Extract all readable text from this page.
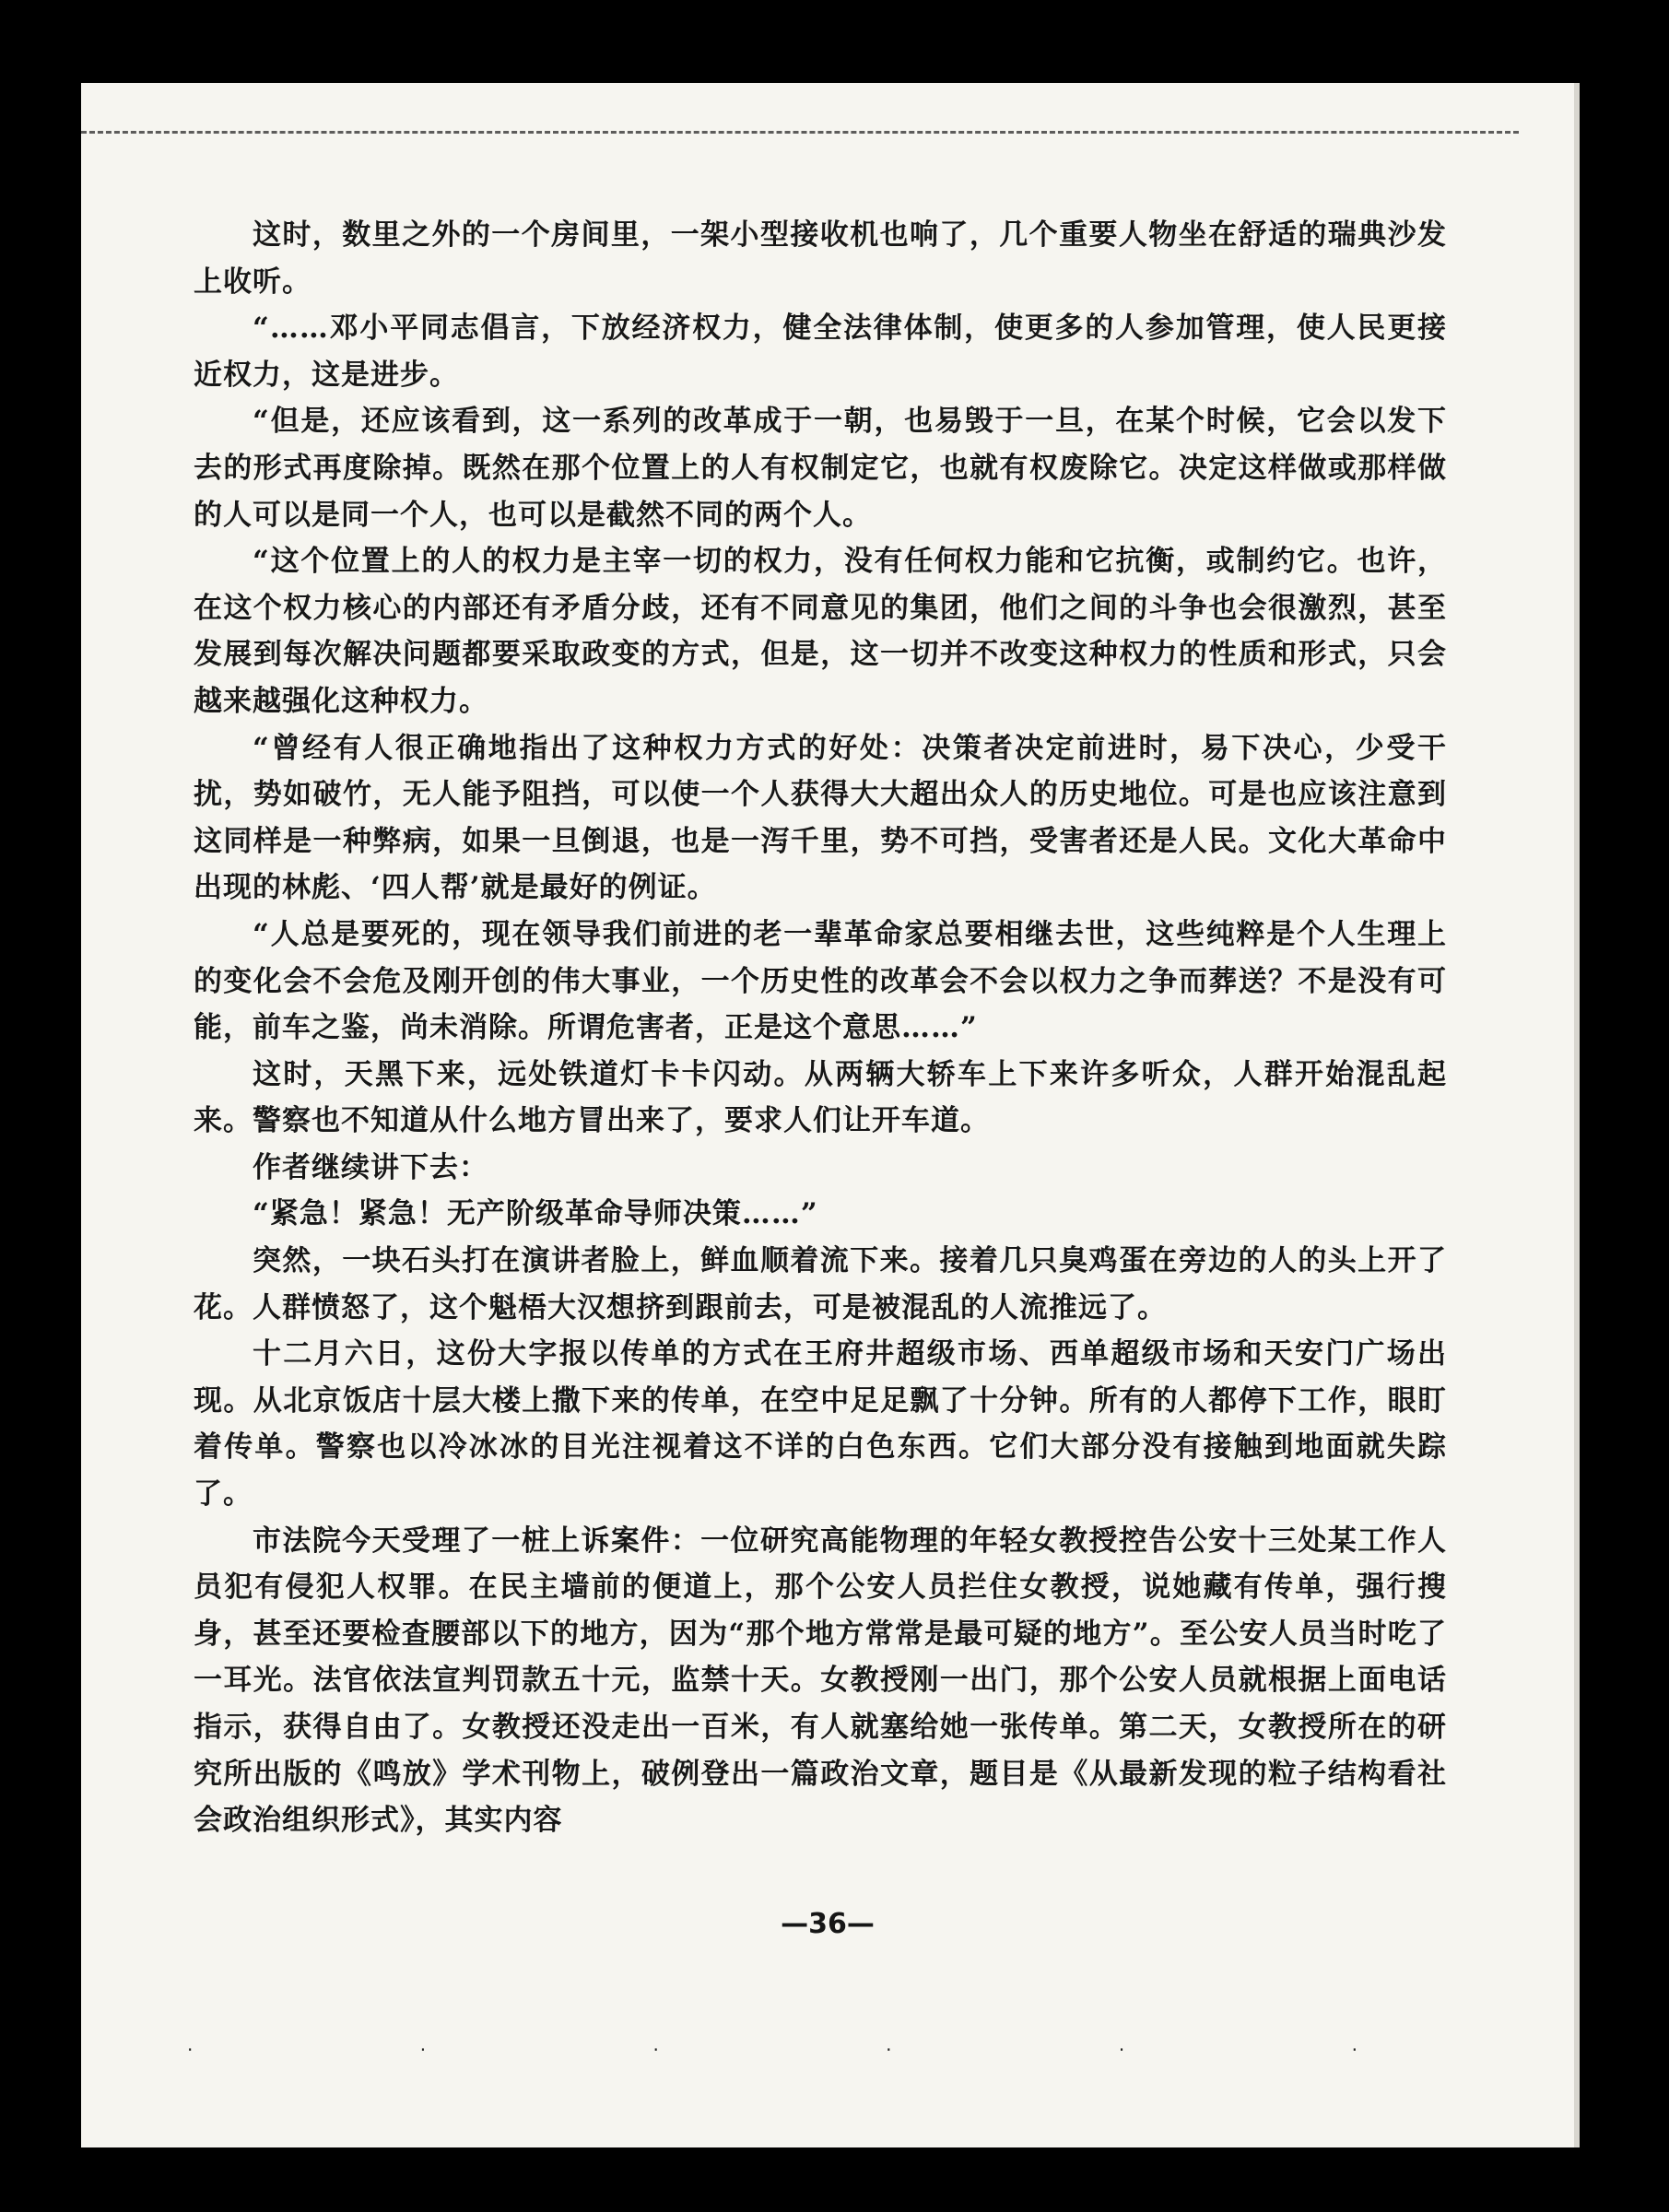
这时，数里之外的一个房间里，一架小型接收机也响了，几个重要人物坐在舒适的瑞典沙发上收听。

“……邓小平同志倡言，下放经济权力，健全法律体制，使更多的人参加管理，使人民更接近权力，这是进步。

“但是，还应该看到，这一系列的改革成于一朝，也易毁于一旦，在某个时候，它会以发下去的形式再度除掉。既然在那个位置上的人有权制定它，也就有权废除它。决定这样做或那样做的人可以是同一个人，也可以是截然不同的两个人。

“这个位置上的人的权力是主宰一切的权力，没有任何权力能和它抗衡，或制约它。也许，在这个权力核心的内部还有矛盾分歧，还有不同意见的集团，他们之间的斗争也会很激烈，甚至发展到每次解决问题都要采取政变的方式，但是，这一切并不改变这种权力的性质和形式，只会越来越强化这种权力。

“曾经有人很正确地指出了这种权力方式的好处：决策者决定前进时，易下决心，少受干扰，势如破竹，无人能予阻挡，可以使一个人获得大大超出众人的历史地位。可是也应该注意到这同样是一种弊病，如果一旦倒退，也是一泻千里，势不可挡，受害者还是人民。文化大革命中出现的林彪、‘四人帮’就是最好的例证。

“人总是要死的，现在领导我们前进的老一辈革命家总要相继去世，这些纯粹是个人生理上的变化会不会危及刚开创的伟大事业，一个历史性的改革会不会以权力之争而葬送？不是没有可能，前车之鉴，尚未消除。所谓危害者，正是这个意思……”

这时，天黑下来，远处铁道灯卡卡闪动。从两辆大轿车上下来许多听众，人群开始混乱起来。警察也不知道从什么地方冒出来了，要求人们让开车道。

作者继续讲下去：

“紧急！紧急！无产阶级革命导师决策……”

突然，一块石头打在演讲者脸上，鲜血顺着流下来。接着几只臭鸡蛋在旁边的人的头上开了花。人群愤怒了，这个魁梧大汉想挤到跟前去，可是被混乱的人流推远了。

十二月六日，这份大字报以传单的方式在王府井超级市场、西单超级市场和天安门广场出现。从北京饭店十层大楼上撒下来的传单，在空中足足飘了十分钟。所有的人都停下工作，眼盯着传单。警察也以冷冰冰的目光注视着这不详的白色东西。它们大部分没有接触到地面就失踪了。

市法院今天受理了一桩上诉案件：一位研究高能物理的年轻女教授控告公安十三处某工作人员犯有侵犯人权罪。在民主墙前的便道上，那个公安人员拦住女教授，说她藏有传单，强行搜身，甚至还要检查腰部以下的地方，因为“那个地方常常是最可疑的地方”。至公安人员当时吃了一耳光。法官依法宣判罚款五十元，监禁十天。女教授刚一出门，那个公安人员就根据上面电话指示，获得自由了。女教授还没走出一百米，有人就塞给她一张传单。第二天，女教授所在的研究所出版的《鸣放》学术刊物上，破例登出一篇政治文章，题目是《从最新发现的粒子结构看社会政治组织形式》，其实内容

—36—
· · · · · ·
